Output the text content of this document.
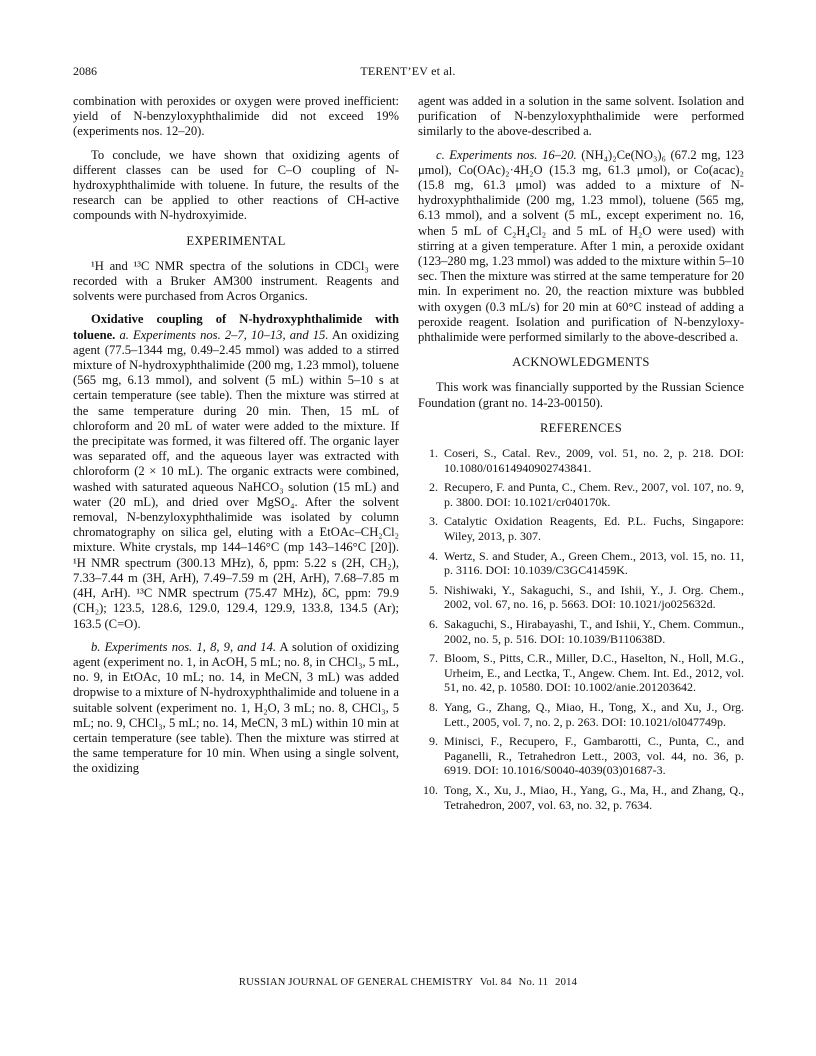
2086	TERENT’EV et al.

combination with peroxides or oxygen were proved inefficient: yield of N-benzyloxyphthalimide did not exceed 19% (experiments nos. 12–20).

To conclude, we have shown that oxidizing agents of different classes can be used for C–O coupling of N-hydroxyphthalimide with toluene. In future, the results of the research can be applied to other reactions of CH-active compounds with N-hydroxyimide.

EXPERIMENTAL

¹H and ¹³C NMR spectra of the solutions in CDCl₃ were recorded with a Bruker AM300 instrument. Reagents and solvents were purchased from Acros Organics.

Oxidative coupling of N-hydroxyphthalimide with toluene. a. Experiments nos. 2–7, 10–13, and 15. An oxidizing agent (77.5–1344 mg, 0.49–2.45 mmol) was added to a stirred mixture of N-hydroxyphthalimide (200 mg, 1.23 mmol), toluene (565 mg, 6.13 mmol), and solvent (5 mL) within 5–10 s at certain temperature (see table). Then the mixture was stirred at the same temperature during 20 min. Then, 15 mL of chloroform and 20 mL of water were added to the mixture. If the precipitate was formed, it was filtered off. The organic layer was separated off, and the aqueous layer was extracted with chloroform (2 × 10 mL). The organic extracts were combined, washed with saturated aqueous NaHCO₃ solution (15 mL) and water (20 mL), and dried over MgSO₄. After the solvent removal, N-benzyloxyphthalimide was isolated by column chromatography on silica gel, eluting with a EtOAc–CH₂Cl₂ mixture. White crystals, mp 144–146°C (mp 143–146°C [20]). ¹H NMR spectrum (300.13 MHz), δ, ppm: 5.22 s (2H, CH₂), 7.33–7.44 m (3H, ArH), 7.49–7.59 m (2H, ArH), 7.68–7.85 m (4H, ArH). ¹³C NMR spectrum (75.47 MHz), δC, ppm: 79.9 (CH₂); 123.5, 128.6, 129.0, 129.4, 129.9, 133.8, 134.5 (Ar); 163.5 (C=O).

b. Experiments nos. 1, 8, 9, and 14. A solution of oxidizing agent (experiment no. 1, in AcOH, 5 mL; no. 8, in CHCl₃, 5 mL, no. 9, in EtOAc, 10 mL; no. 14, in MeCN, 3 mL) was added dropwise to a mixture of N-hydroxyphthalimide and toluene in a suitable solvent (experiment no. 1, H₂O, 3 mL; no. 8, CHCl₃, 5 mL; no. 9, CHCl₃, 5 mL; no. 14, MeCN, 3 mL) within 10 min at certain temperature (see table). Then the mixture was stirred at the same temperature for 10 min. When using a single solvent, the oxidizing

agent was added in a solution in the same solvent. Isolation and purification of N-benzyloxyphthalimide were performed similarly to the above-described a.

c. Experiments nos. 16–20. (NH₄)₂Ce(NO₃)₆ (67.2 mg, 123 μmol), Co(OAc)₂·4H₂O (15.3 mg, 61.3 μmol), or Co(acac)₂ (15.8 mg, 61.3 μmol) was added to a mixture of N-hydroxyphthalimide (200 mg, 1.23 mmol), toluene (565 mg, 6.13 mmol), and a solvent (5 mL, except experiment no. 16, when 5 mL of C₂H₄Cl₂ and 5 mL of H₂O were used) with stirring at a given temperature. After 1 min, a peroxide oxidant (123–280 mg, 1.23 mmol) was added to the mixture within 5–10 sec. Then the mixture was stirred at the same temperature for 20 min. In experiment no. 20, the reaction mixture was bubbled with oxygen (0.3 mL/s) for 20 min at 60°C instead of adding a peroxide reagent. Isolation and purification of N-benzyloxy-phthalimide were performed similarly to the above-described a.

ACKNOWLEDGMENTS

This work was financially supported by the Russian Science Foundation (grant no. 14-23-00150).

REFERENCES
1. Coseri, S., Catal. Rev., 2009, vol. 51, no. 2, p. 218. DOI: 10.1080/01614940902743841.
2. Recupero, F. and Punta, C., Chem. Rev., 2007, vol. 107, no. 9, p. 3800. DOI: 10.1021/cr040170k.
3. Catalytic Oxidation Reagents, Ed. P.L. Fuchs, Singapore: Wiley, 2013, p. 307.
4. Wertz, S. and Studer, A., Green Chem., 2013, vol. 15, no. 11, p. 3116. DOI: 10.1039/C3GC41459K.
5. Nishiwaki, Y., Sakaguchi, S., and Ishii, Y., J. Org. Chem., 2002, vol. 67, no. 16, p. 5663. DOI: 10.1021/jo025632d.
6. Sakaguchi, S., Hirabayashi, T., and Ishii, Y., Chem. Commun., 2002, no. 5, p. 516. DOI: 10.1039/B110638D.
7. Bloom, S., Pitts, C.R., Miller, D.C., Haselton, N., Holl, M.G., Urheim, E., and Lectka, T., Angew. Chem. Int. Ed., 2012, vol. 51, no. 42, p. 10580. DOI: 10.1002/anie.201203642.
8. Yang, G., Zhang, Q., Miao, H., Tong, X., and Xu, J., Org. Lett., 2005, vol. 7, no. 2, p. 263. DOI: 10.1021/ol047749p.
9. Minisci, F., Recupero, F., Gambarotti, C., Punta, C., and Paganelli, R., Tetrahedron Lett., 2003, vol. 44, no. 36, p. 6919. DOI: 10.1016/S0040-4039(03)01687-3.
10. Tong, X., Xu, J., Miao, H., Yang, G., Ma, H., and Zhang, Q., Tetrahedron, 2007, vol. 63, no. 32, p. 7634.
RUSSIAN JOURNAL OF GENERAL CHEMISTRY Vol. 84 No. 11 2014
